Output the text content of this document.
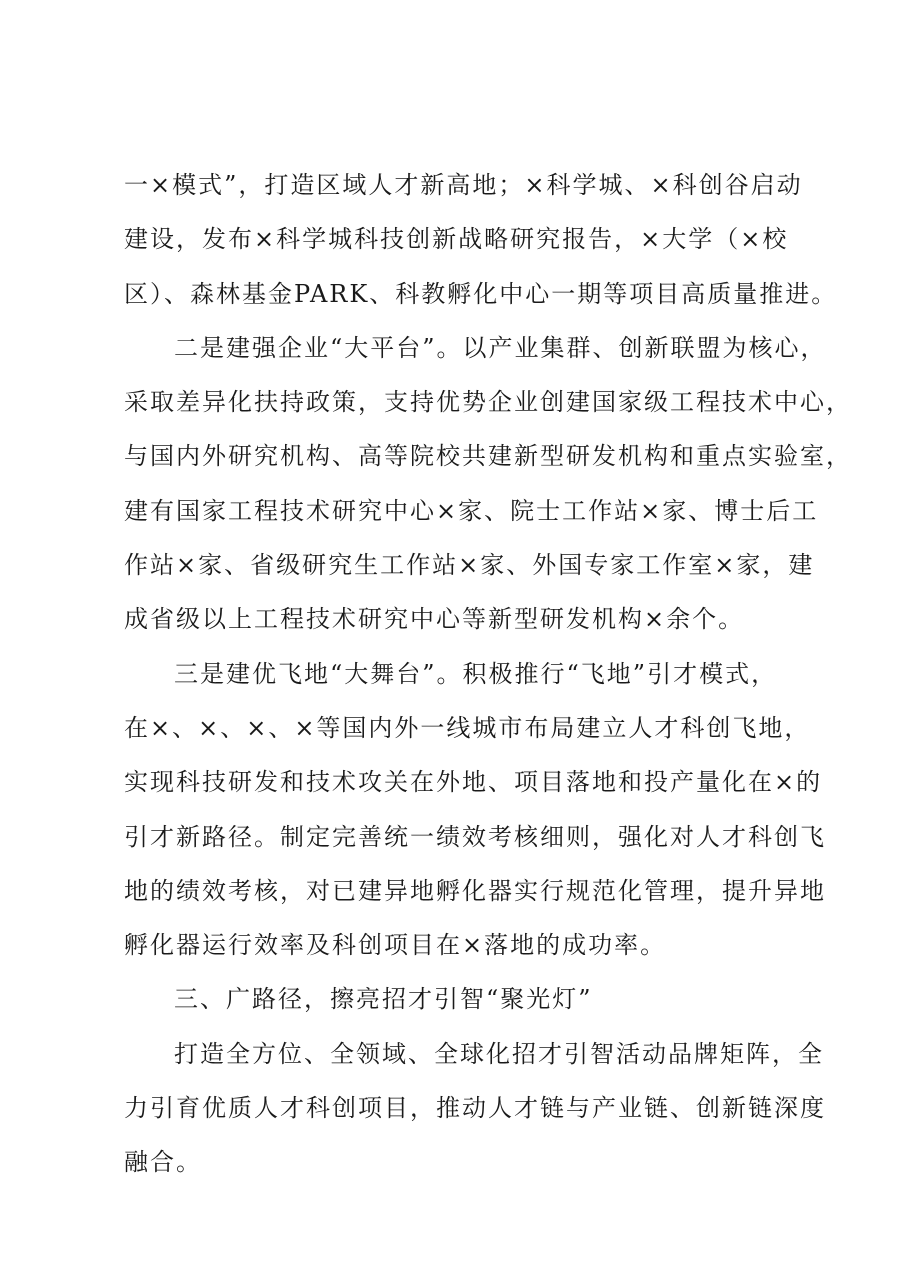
一×模式”，打造区域人才新高地；×科学城、×科创谷启动
建设，发布×科学城科技创新战略研究报告，×大学（×校
区）、森林基金PARK、科教孵化中心一期等项目高质量推进。
二是建强企业“大平台”。以产业集群、创新联盟为核心，
采取差异化扶持政策，支持优势企业创建国家级工程技术中心，
与国内外研究机构、高等院校共建新型研发机构和重点实验室，
建有国家工程技术研究中心×家、院士工作站×家、博士后工
作站×家、省级研究生工作站×家、外国专家工作室×家，建
成省级以上工程技术研究中心等新型研发机构×余个。
三是建优飞地“大舞台”。积极推行“飞地”引才模式，
在×、×、×、×等国内外一线城市布局建立人才科创飞地，
实现科技研发和技术攻关在外地、项目落地和投产量化在×的
引才新路径。制定完善统一绩效考核细则，强化对人才科创飞
地的绩效考核，对已建异地孵化器实行规范化管理，提升异地
孵化器运行效率及科创项目在×落地的成功率。
三、广路径，擦亮招才引智“聚光灯”
打造全方位、全领域、全球化招才引智活动品牌矩阵，全
力引育优质人才科创项目，推动人才链与产业链、创新链深度
融合。
